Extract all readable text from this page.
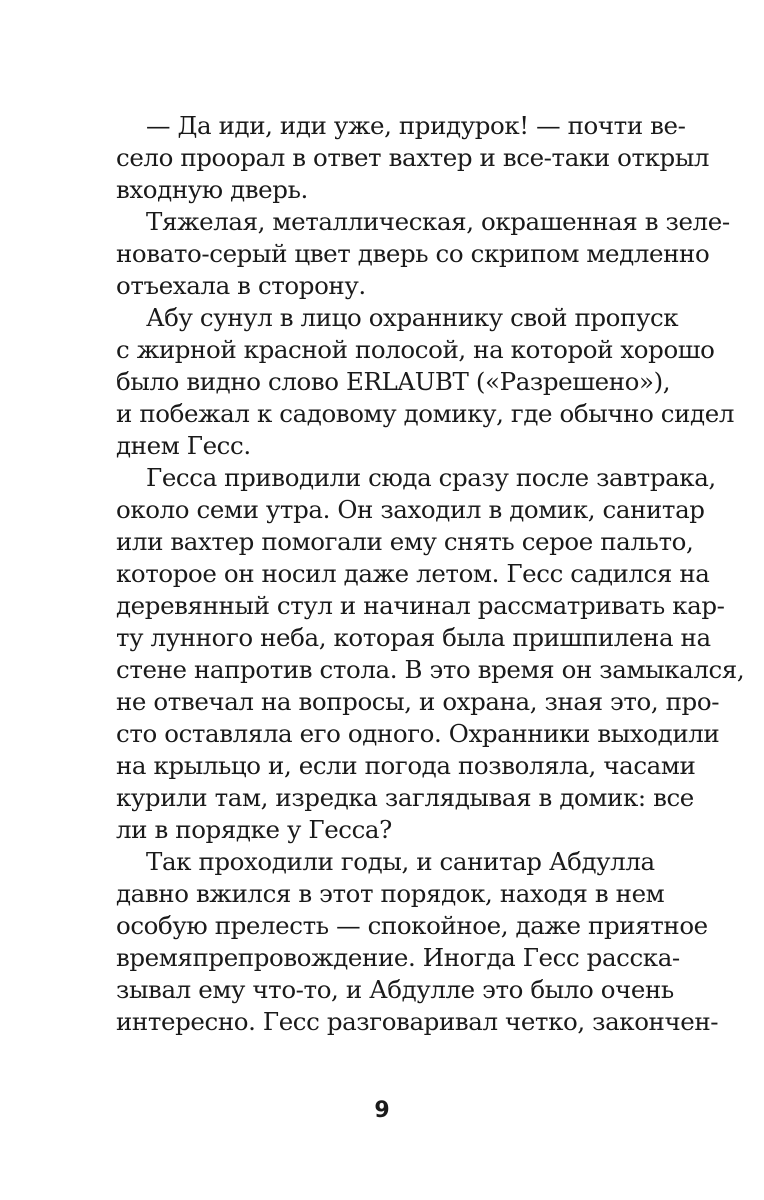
— Да иди, иди уже, придурок! — почти ве-
село проорал в ответ вахтер и все-таки открыл
входную дверь.
Тяжелая, металлическая, окрашенная в зеле-
новато-серый цвет дверь со скрипом медленно
отъехала в сторону.
Абу сунул в лицо охраннику свой пропуск
с жирной красной полосой, на которой хорошо
было видно слово ERLAUBT («Разрешено»),
и побежал к садовому домику, где обычно сидел
днем Гесс.
Гесса приводили сюда сразу после завтрака,
около семи утра. Он заходил в домик, санитар
или вахтер помогали ему снять серое пальто,
которое он носил даже летом. Гесс садился на
деревянный стул и начинал рассматривать кар-
ту лунного неба, которая была пришпилена на
стене напротив стола. В это время он замыкался,
не отвечал на вопросы, и охрана, зная это, про-
сто оставляла его одного. Охранники выходили
на крыльцо и, если погода позволяла, часами
курили там, изредка заглядывая в домик: все
ли в порядке у Гесса?
Так проходили годы, и санитар Абдулла
давно вжился в этот порядок, находя в нем
особую прелесть — спокойное, даже приятное
времяпрепровождение. Иногда Гесс расска-
зывал ему что-то, и Абдулле это было очень
интересно. Гесс разговаривал четко, закончен-
9
